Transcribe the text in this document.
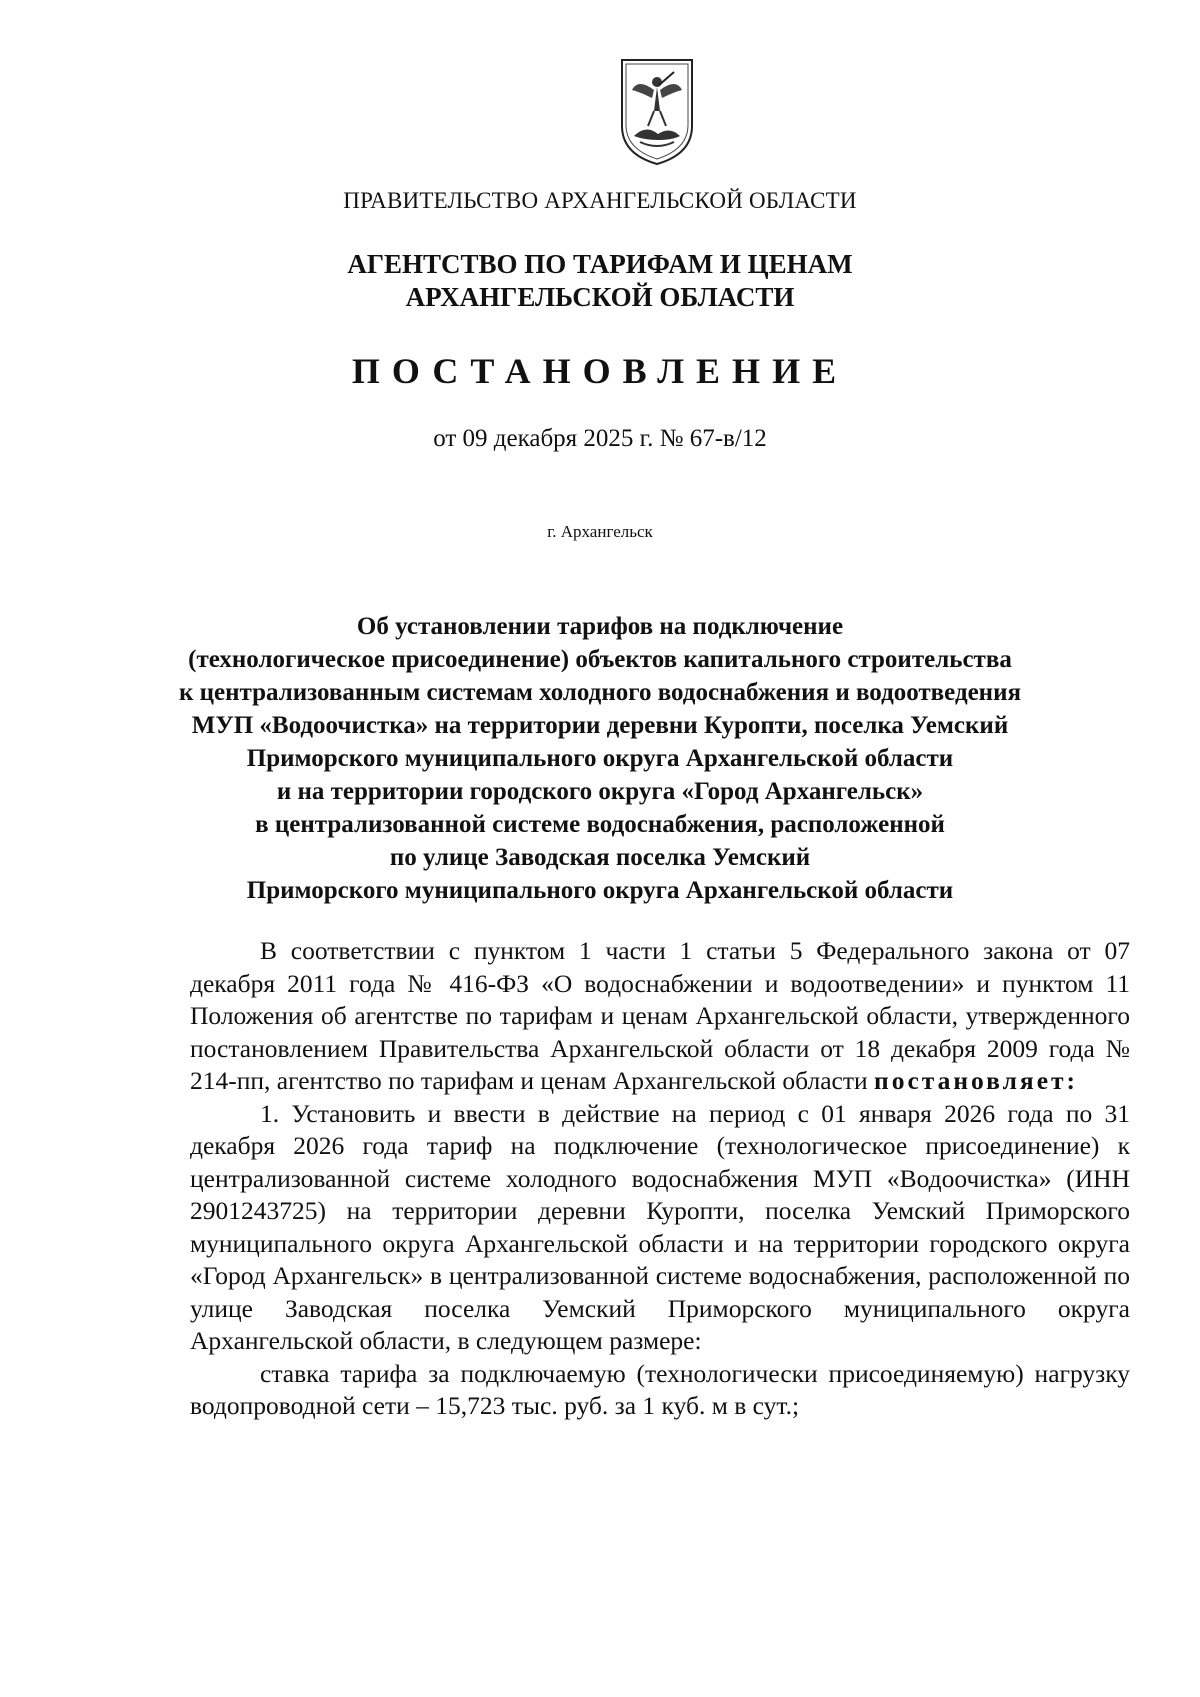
ПРАВИТЕЛЬСТВО АРХАНГЕЛЬСКОЙ ОБЛАСТИ
АГЕНТСТВО ПО ТАРИФАМ И ЦЕНАМ
АРХАНГЕЛЬСКОЙ ОБЛАСТИ
ПОСТАНОВЛЕНИЕ
от 09 декабря 2025 г. № 67-в/12
г. Архангельск
Об установлении тарифов на подключение
(технологическое присоединение) объектов капитального строительства
к централизованным системам холодного водоснабжения и водоотведения
МУП «Водоочистка» на территории деревни Куропти, поселка Уемский
Приморского муниципального округа Архангельской области
и на территории городского округа «Город Архангельск»
в централизованной системе водоснабжения, расположенной
по улице Заводская поселка Уемский
Приморского муниципального округа Архангельской области

В соответствии с пунктом 1 части 1 статьи 5 Федерального закона от 07 декабря 2011 года № 416-ФЗ «О водоснабжении и водоотведении» и пунктом 11 Положения об агентстве по тарифам и ценам Архангельской области, утвержденного постановлением Правительства Архангельской области от 18 декабря 2009 года № 214-пп, агентство по тарифам и ценам Архангельской области постановляет:

1. Установить и ввести в действие на период с 01 января 2026 года по 31 декабря 2026 года тариф на подключение (технологическое присоединение) к централизованной системе холодного водоснабжения МУП «Водоочистка» (ИНН 2901243725) на территории деревни Куропти, поселка Уемский Приморского муниципального округа Архангельской области и на территории городского округа «Город Архангельск» в централизованной системе водоснабжения, расположенной по улице Заводская поселка Уемский Приморского муниципального округа Архангельской области, в следующем размере:

ставка тарифа за подключаемую (технологически присоединяемую) нагрузку водопроводной сети – 15,723 тыс. руб. за 1 куб. м в сут.;
